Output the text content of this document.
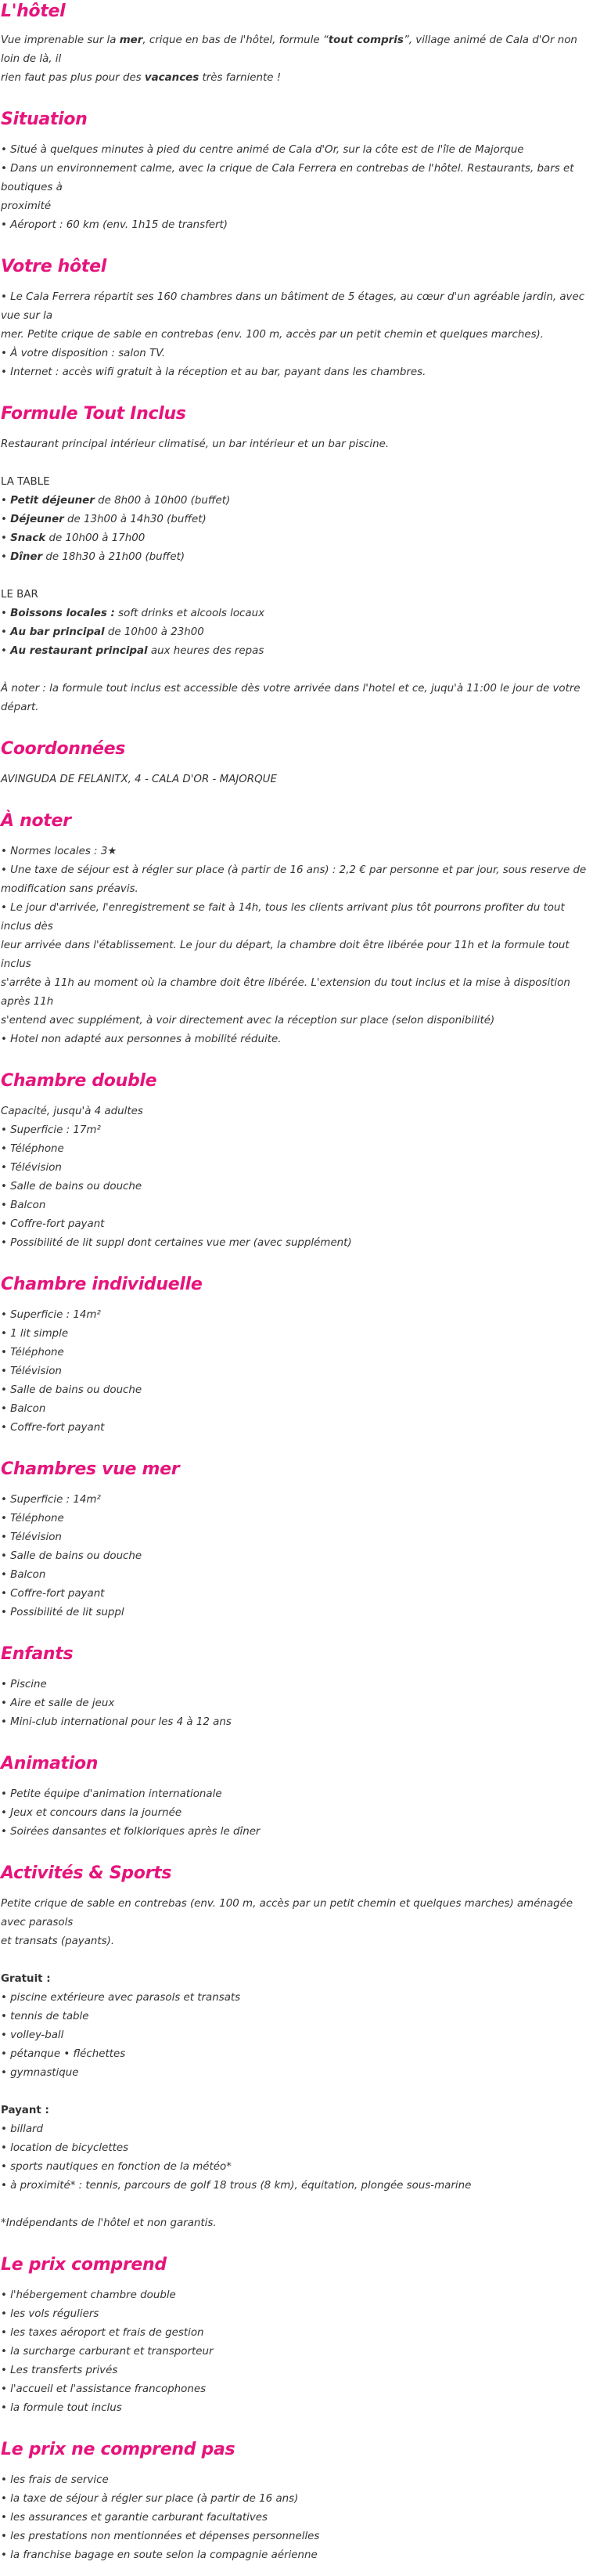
L'hôtel
Vue imprenable sur la mer, crique en bas de l'hôtel, formule “tout compris”, village animé de Cala d'Or non loin de là, il
rien faut pas plus pour des vacances très farniente !
Situation
• Situé à quelques minutes à pied du centre animé de Cala d'Or, sur la côte est de l'île de Majorque
• Dans un environnement calme, avec la crique de Cala Ferrera en contrebas de l'hôtel. Restaurants, bars et boutiques à
proximité
• Aéroport : 60 km (env. 1h15 de transfert)
Votre hôtel
• Le Cala Ferrera répartit ses 160 chambres dans un bâtiment de 5 étages, au cœur d'un agréable jardin, avec vue sur la
mer. Petite crique de sable en contrebas (env. 100 m, accès par un petit chemin et quelques marches).
• À votre disposition : salon TV.
• Internet : accès wifi gratuit à la réception et au bar, payant dans les chambres.
Formule Tout Inclus
Restaurant principal intérieur climatisé, un bar intérieur et un bar piscine.
LA TABLE
• Petit déjeuner de 8h00 à 10h00 (buffet)
• Déjeuner de 13h00 à 14h30 (buffet)
• Snack de 10h00 à 17h00
• Dîner de 18h30 à 21h00 (buffet)
LE BAR
• Boissons locales : soft drinks et alcools locaux
• Au bar principal de 10h00 à 23h00
• Au restaurant principal aux heures des repas
À noter : la formule tout inclus est accessible dès votre arrivée dans l'hotel et ce, juqu'à 11:00 le jour de votre départ.
Coordonnées
AVINGUDA DE FELANITX, 4 - CALA D'OR - MAJORQUE
À noter
• Normes locales : 3★
• Une taxe de séjour est à régler sur place (à partir de 16 ans) : 2,2 € par personne et par jour, sous reserve de
modification sans préavis.
• Le jour d'arrivée, l'enregistrement se fait à 14h, tous les clients arrivant plus tôt pourrons profiter du tout inclus dès
leur arrivée dans l'établissement. Le jour du départ, la chambre doit être libérée pour 11h et la formule tout inclus
s'arrête à 11h au moment où la chambre doit être libérée. L'extension du tout inclus et la mise à disposition après 11h
s'entend avec supplément, à voir directement avec la réception sur place (selon disponibilité)
• Hotel non adapté aux personnes à mobilité réduite.
Chambre double
Capacité, jusqu'à 4 adultes
• Superficie : 17m²
• Téléphone
• Télévision
• Salle de bains ou douche
• Balcon
• Coffre-fort payant
• Possibilité de lit suppl dont certaines vue mer (avec supplément)
Chambre individuelle
• Superficie : 14m²
• 1 lit simple
• Téléphone
• Télévision
• Salle de bains ou douche
• Balcon
• Coffre-fort payant
Chambres vue mer
• Superficie : 14m²
• Téléphone
• Télévision
• Salle de bains ou douche
• Balcon
• Coffre-fort payant
• Possibilité de lit suppl
Enfants
• Piscine
• Aire et salle de jeux
• Mini-club international pour les 4 à 12 ans
Animation
• Petite équipe d'animation internationale
• Jeux et concours dans la journée
• Soirées dansantes et folkloriques après le dîner
Activités & Sports
Petite crique de sable en contrebas (env. 100 m, accès par un petit chemin et quelques marches) aménagée avec parasols
et transats (payants).
Gratuit :
• piscine extérieure avec parasols et transats
• tennis de table
• volley-ball
• pétanque • fléchettes
• gymnastique
Payant :
• billard
• location de bicyclettes
• sports nautiques en fonction de la météo*
• à proximité* : tennis, parcours de golf 18 trous (8 km), équitation, plongée sous-marine
*Indépendants de l'hôtel et non garantis.
Le prix comprend
• l'hébergement chambre double
• les vols réguliers
• les taxes aéroport et frais de gestion
• la surcharge carburant et transporteur
• Les transferts privés
• l'accueil et l'assistance francophones
• la formule tout inclus
Le prix ne comprend pas
• les frais de service
• la taxe de séjour à régler sur place (à partir de 16 ans)
• les assurances et garantie carburant facultatives
• les prestations non mentionnées et dépenses personnelles
• la franchise bagage en soute selon la compagnie aérienne
